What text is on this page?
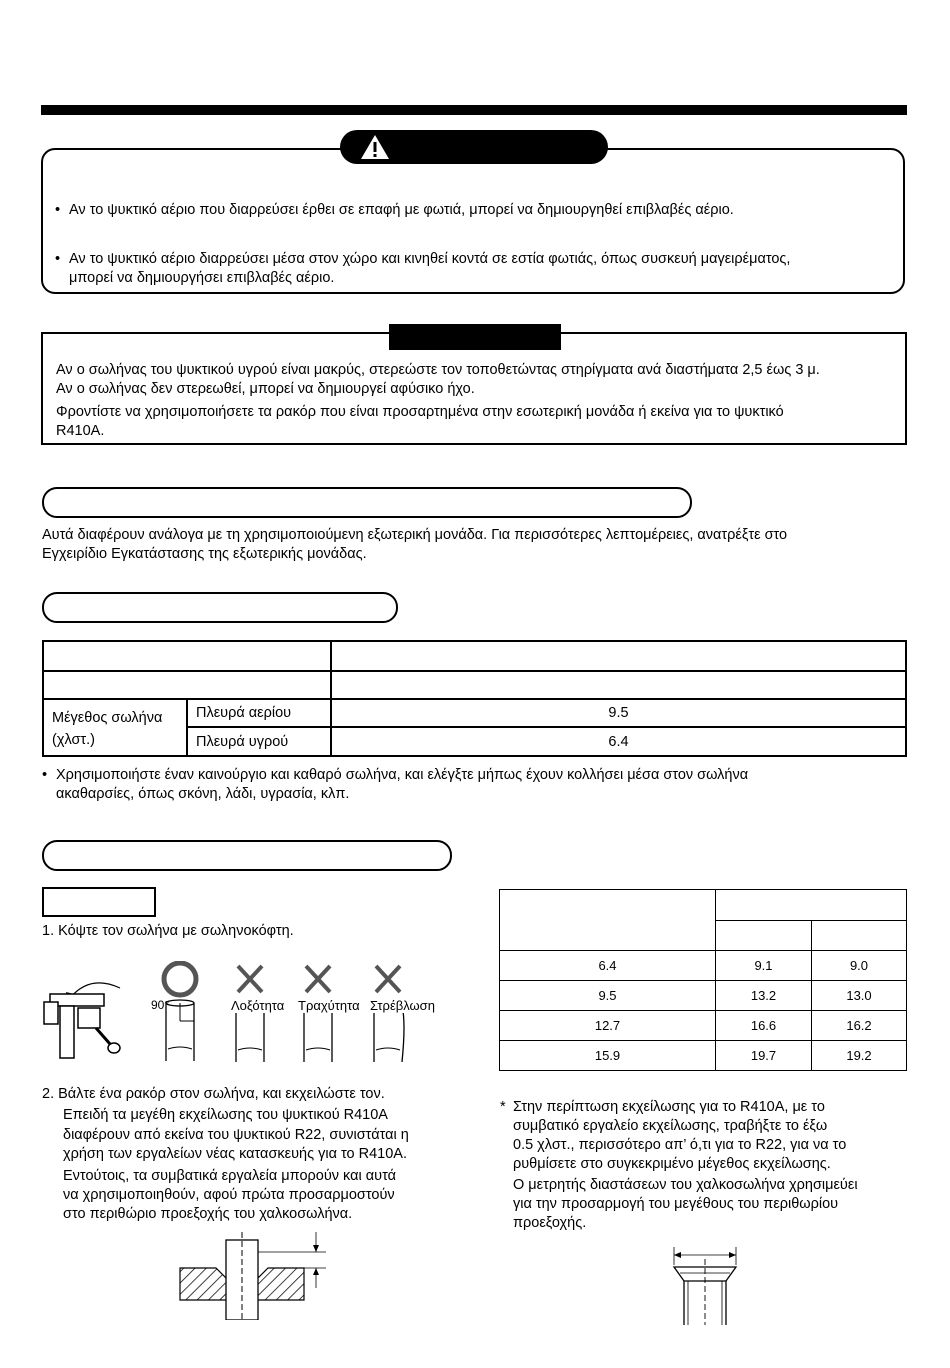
• Αν το ψυκτικό αέριο που διαρρεύσει έρθει σε επαφή με φωτιά, μπορεί να δημιουργηθεί επιβλαβές αέριο.
• Αν το ψυκτικό αέριο διαρρεύσει μέσα στον χώρο και κινηθεί κοντά σε εστία φωτιάς, όπως συσκευή μαγειρέματος,
μπορεί να δημιουργήσει επιβλαβές αέριο.
Αν ο σωλήνας του ψυκτικού υγρού είναι μακρύς, στερεώστε τον τοποθετώντας στηρίγματα ανά διαστήματα 2,5 έως 3 μ.
Αν ο σωλήνας δεν στερεωθεί, μπορεί να δημιουργεί αφύσικο ήχο.
Φροντίστε να χρησιμοποιήσετε τα ρακόρ που είναι προσαρτημένα στην εσωτερική μονάδα ή εκείνα για το ψυκτικό
R410A.
Αυτά διαφέρουν ανάλογα με τη χρησιμοποιούμενη εξωτερική μονάδα. Για περισσότερες λεπτομέρειες, ανατρέξτε στο
Εγχειρίδιο Εγκατάστασης της εξωτερικής μονάδας.

Μέγεθος σωλήνα
(χλστ.)	Πλευρά αερίου	9.5
	Πλευρά υγρού	6.4
• Χρησιμοποιήστε έναν καινούργιο και καθαρό σωλήνα, και ελέγξτε μήπως έχουν κολλήσει μέσα στον σωλήνα
ακαθαρσίες, όπως σκόνη, λάδι, υγρασία, κλπ.
1. Κόψτε τον σωλήνα με σωληνοκόφτη.
90°	Λοξότητα Τραχύτητα Στρέβλωση
2. Βάλτε ένα ρακόρ στον σωλήνα, και εκχειλώστε τον.
Επειδή τα μεγέθη εκχείλωσης του ψυκτικού R410A
διαφέρουν από εκείνα του ψυκτικού R22, συνιστάται η
χρήση των εργαλείων νέας κατασκευής για το R410A.
Εντούτοις, τα συμβατικά εργαλεία μπορούν και αυτά
να χρησιμοποιηθούν, αφού πρώτα προσαρμοστούν
στο περιθώριο προεξοχής του χαλκοσωλήνα.

6.4	9.1	9.0
9.5	13.2	13.0
12.7	16.6	16.2
15.9	19.7	19.2
* Στην περίπτωση εκχείλωσης για το R410A, με το
συμβατικό εργαλείο εκχείλωσης, τραβήξτε το έξω
0.5 χλστ., περισσότερο απ’ ό,τι για το R22, για να το
ρυθμίσετε στο συγκεκριμένο μέγεθος εκχείλωσης.
Ο μετρητής διαστάσεων του χαλκοσωλήνα χρησιμεύει
για την προσαρμογή του μεγέθους του περιθωρίου
προεξοχής.
